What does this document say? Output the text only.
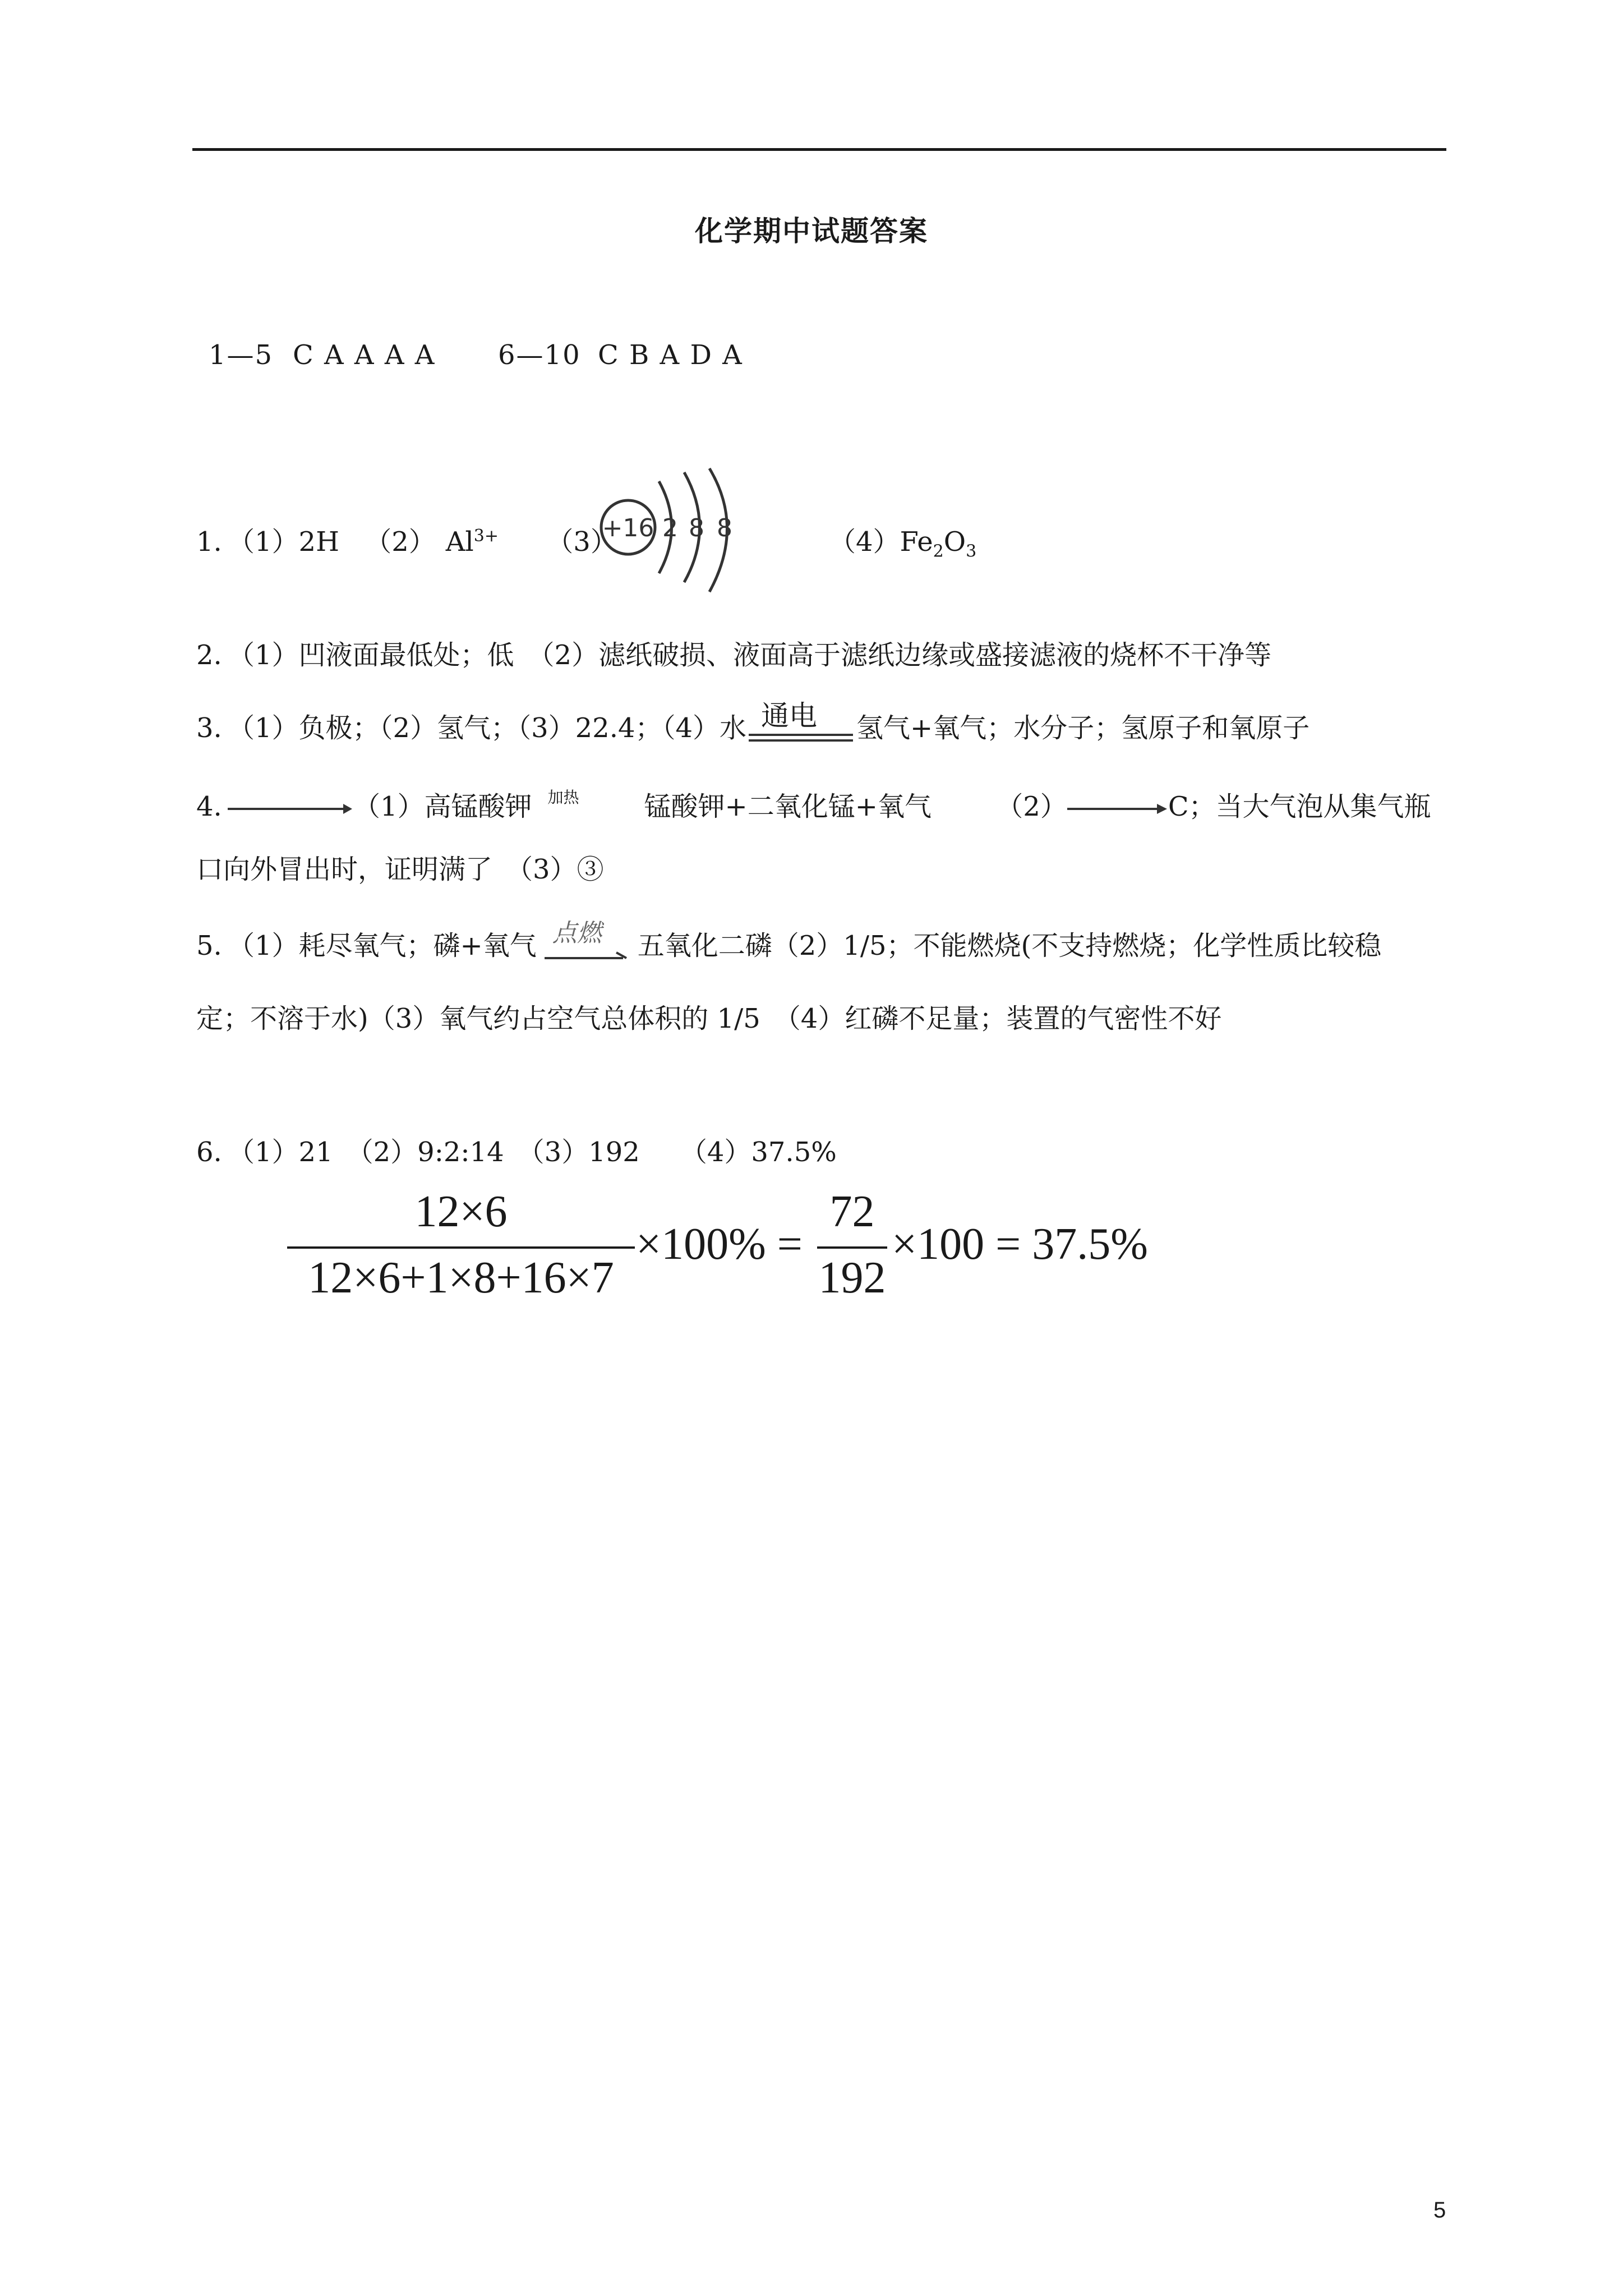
化学期中试题答案
1—5 C A A A A 6—10 C B A D A
1. （1）2H （2） $Al^{3+}$ （3）
+16 2 8 8	$(4)Fe_2O_3$
2. （1）凹液面最低处；低　（2）滤纸破损、液面高于滤纸边缘或盛接滤液的烧杯不干净等
3. （1）负极；（2）氢气；（3）22.4；（4）水 通电 氢气+氧气；水分子；氢原子和氧原子
4.	（1）高锰酸钾 加热 锰酸钾+二氧化锰+氧气 （2）	C；当大气泡从集气瓶
口向外冒出时，证明满了　（3）③
5. （1）耗尽氧气；磷+氧气 点燃 五氧化二磷（2）1/5；不能燃烧(不支持燃烧；化学性质比较稳
定；不溶于水)（3）氧气约占空气总体积的 1/5　（4）红磷不足量；装置的气密性不好
6. （1）21　（2）9:2:14　（3）192　　（4）37.5%
12×6
12×6+1×8+16×7
×100% =
72
192
×100 = 37.5%
5
